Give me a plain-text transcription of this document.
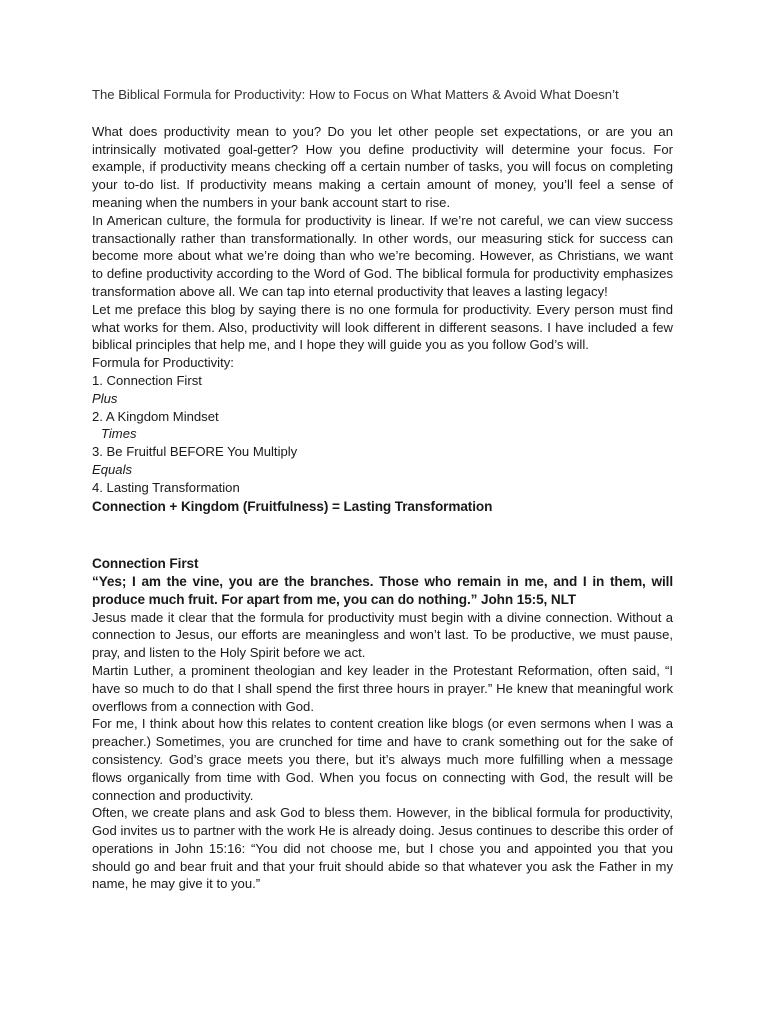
The Biblical Formula for Productivity: How to Focus on What Matters & Avoid What Doesn’t

What does productivity mean to you? Do you let other people set expectations, or are you an intrinsically motivated goal-getter? How you define productivity will determine your focus. For example, if productivity means checking off a certain number of tasks, you will focus on completing your to-do list. If productivity means making a certain amount of money, you’ll feel a sense of meaning when the numbers in your bank account start to rise.

In American culture, the formula for productivity is linear. If we’re not careful, we can view success transactionally rather than transformationally. In other words, our measuring stick for success can become more about what we’re doing than who we’re becoming. However, as Christians, we want to define productivity according to the Word of God. The biblical formula for productivity emphasizes transformation above all. We can tap into eternal productivity that leaves a lasting legacy!

Let me preface this blog by saying there is no one formula for productivity. Every person must find what works for them. Also, productivity will look different in different seasons. I have included a few biblical principles that help me, and I hope they will guide you as you follow God’s will.

Formula for Productivity:
1. Connection First
Plus
2. A Kingdom Mindset
Times
3. Be Fruitful BEFORE You Multiply
Equals
4. Lasting Transformation
Connection + Kingdom (Fruitfulness) = Lasting Transformation
Connection First
“Yes; I am the vine, you are the branches. Those who remain in me, and I in them, will produce much fruit. For apart from me, you can do nothing.” John 15:5, NLT

Jesus made it clear that the formula for productivity must begin with a divine connection. Without a connection to Jesus, our efforts are meaningless and won’t last. To be productive, we must pause, pray, and listen to the Holy Spirit before we act.

Martin Luther, a prominent theologian and key leader in the Protestant Reformation, often said, “I have so much to do that I shall spend the first three hours in prayer.” He knew that meaningful work overflows from a connection with God.

For me, I think about how this relates to content creation like blogs (or even sermons when I was a preacher.) Sometimes, you are crunched for time and have to crank something out for the sake of consistency. God’s grace meets you there, but it’s always much more fulfilling when a message flows organically from time with God. When you focus on connecting with God, the result will be connection and productivity.

Often, we create plans and ask God to bless them. However, in the biblical formula for productivity, God invites us to partner with the work He is already doing. Jesus continues to describe this order of operations in John 15:16: “You did not choose me, but I chose you and appointed you that you should go and bear fruit and that your fruit should abide so that whatever you ask the Father in my name, he may give it to you.”
